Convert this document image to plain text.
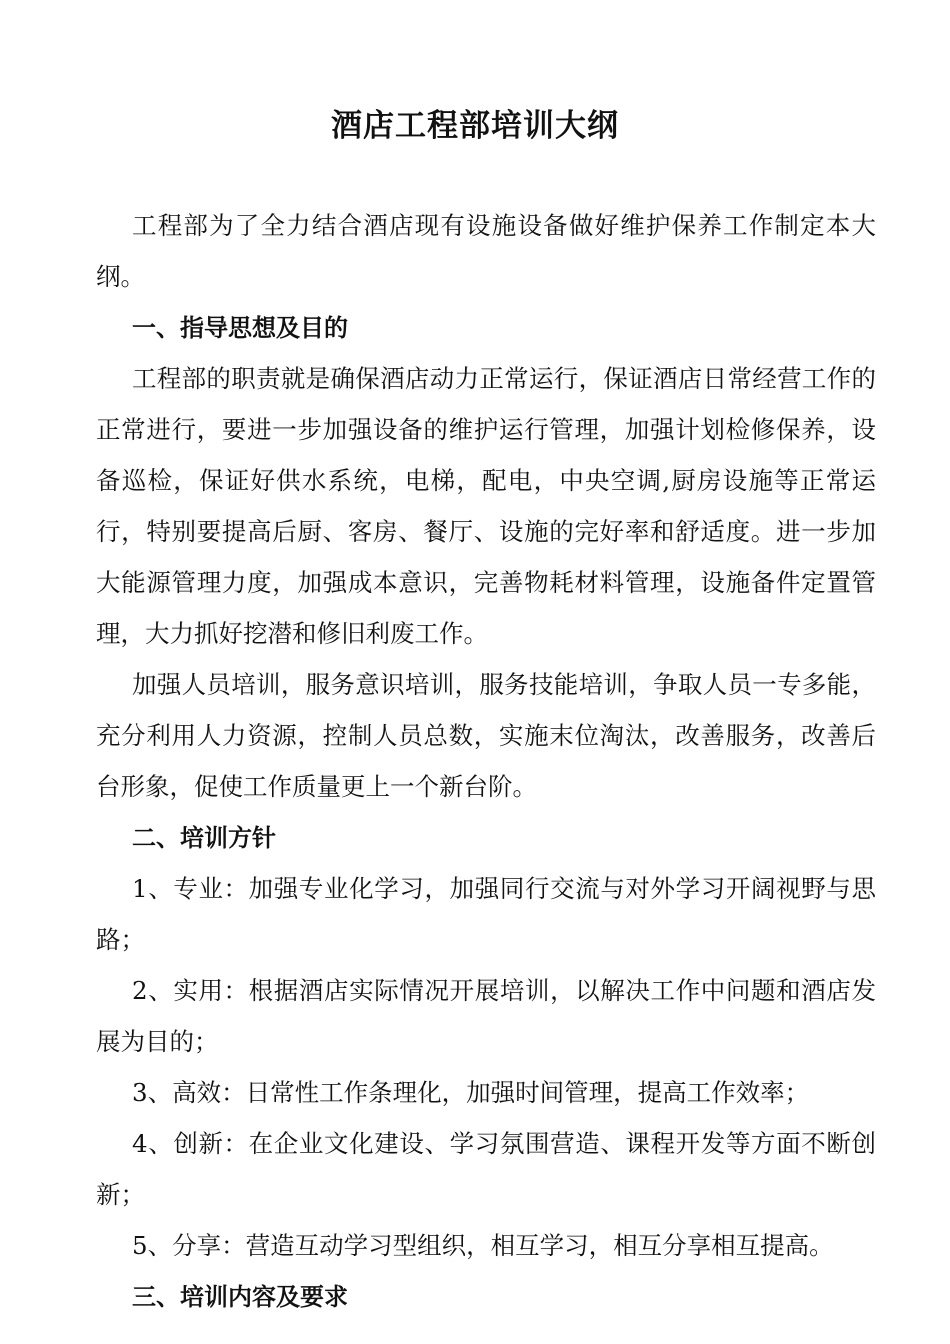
酒店工程部培训大纲

工程部为了全力结合酒店现有设施设备做好维护保养工作制定本大纲。

一、指导思想及目的

工程部的职责就是确保酒店动力正常运行，保证酒店日常经营工作的正常进行，要进一步加强设备的维护运行管理，加强计划检修保养，设备巡检，保证好供水系统，电梯，配电，中央空调,厨房设施等正常运行，特别要提高后厨、客房、餐厅、设施的完好率和舒适度。进一步加大能源管理力度，加强成本意识，完善物耗材料管理，设施备件定置管理，大力抓好挖潜和修旧利废工作。

加强人员培训，服务意识培训，服务技能培训，争取人员一专多能，充分利用人力资源，控制人员总数，实施末位淘汰，改善服务，改善后台形象，促使工作质量更上一个新台阶。

二、培训方针

1、专业：加强专业化学习，加强同行交流与对外学习开阔视野与思路；

2、实用：根据酒店实际情况开展培训，以解决工作中问题和酒店发展为目的；

3、高效：日常性工作条理化，加强时间管理，提高工作效率；

4、创新：在企业文化建设、学习氛围营造、课程开发等方面不断创新；

5、分享：营造互动学习型组织，相互学习，相互分享相互提高。

三、培训内容及要求
